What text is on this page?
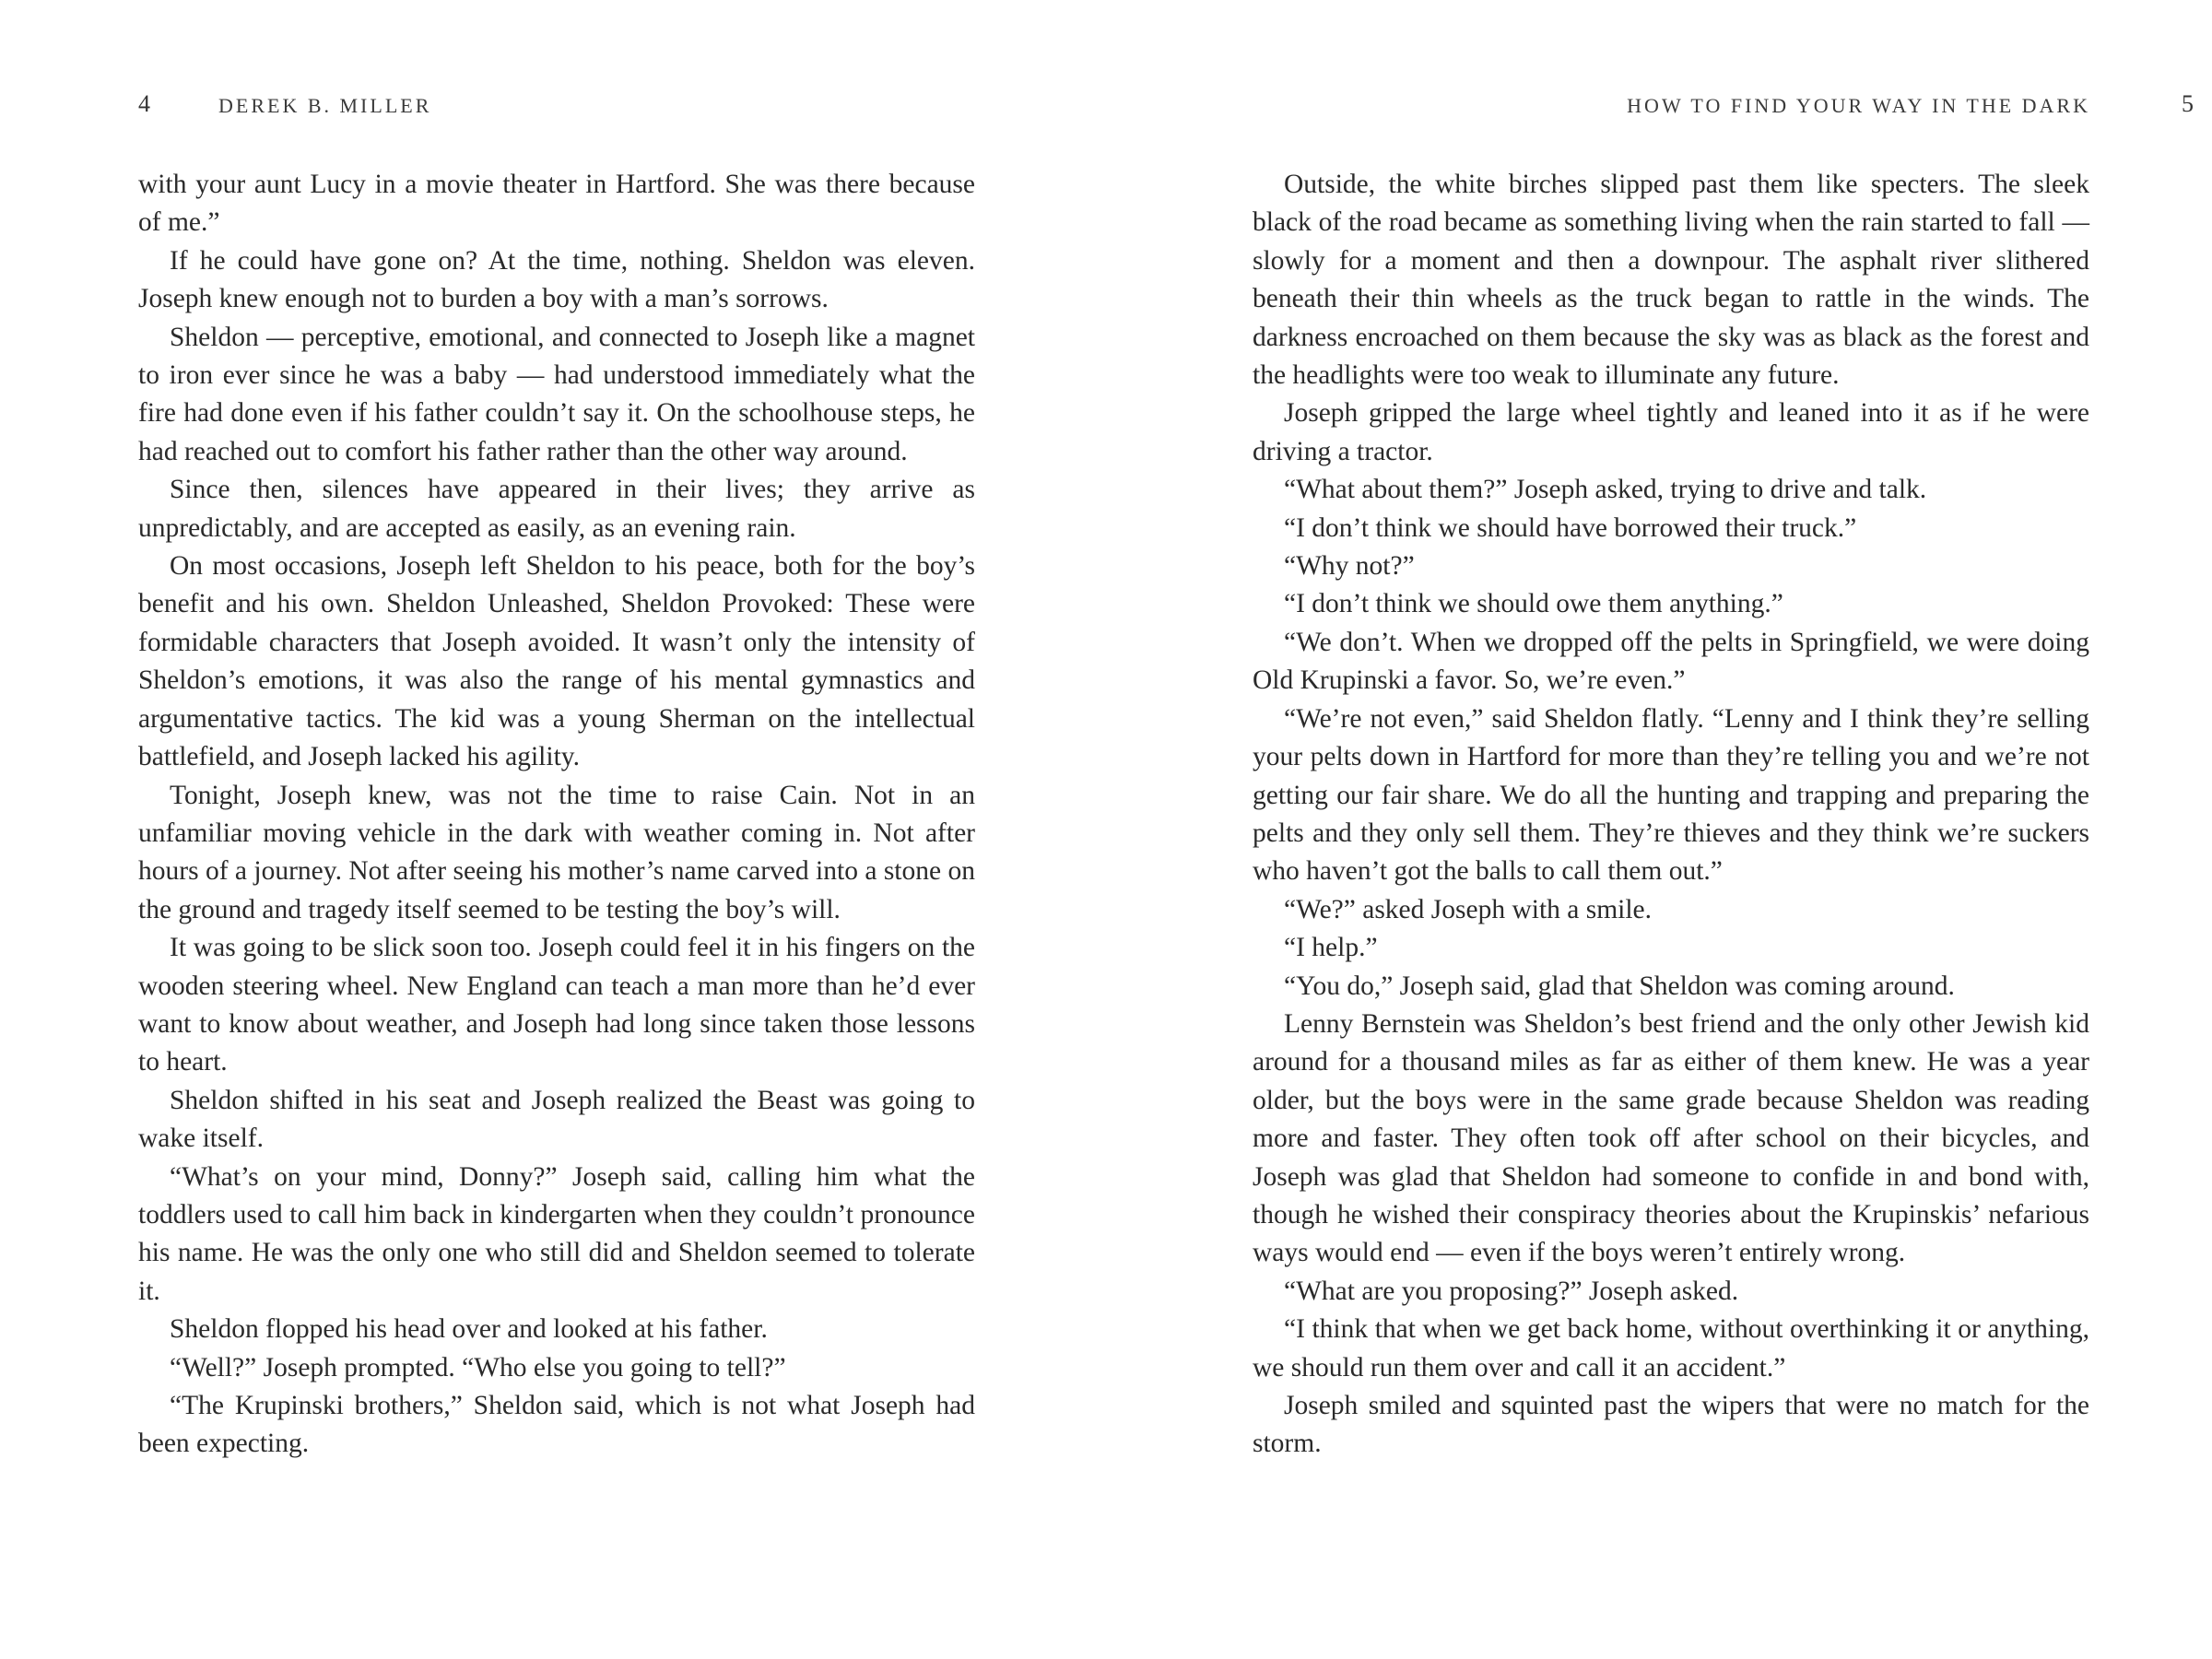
4	DEREK B. MILLER

with your aunt Lucy in a movie theater in Hartford. She was there because of me.”

If he could have gone on? At the time, nothing. Sheldon was eleven. Joseph knew enough not to burden a boy with a man’s sorrows.

Sheldon — perceptive, emotional, and connected to Joseph like a magnet to iron ever since he was a baby — had understood immediately what the fire had done even if his father couldn’t say it. On the schoolhouse steps, he had reached out to comfort his father rather than the other way around.

Since then, silences have appeared in their lives; they arrive as unpredictably, and are accepted as easily, as an evening rain.

On most occasions, Joseph left Sheldon to his peace, both for the boy’s benefit and his own. Sheldon Unleashed, Sheldon Provoked: These were formidable characters that Joseph avoided. It wasn’t only the intensity of Sheldon’s emotions, it was also the range of his mental gymnastics and argumentative tactics. The kid was a young Sherman on the intellectual battlefield, and Joseph lacked his agility.

Tonight, Joseph knew, was not the time to raise Cain. Not in an unfamiliar moving vehicle in the dark with weather coming in. Not after hours of a journey. Not after seeing his mother’s name carved into a stone on the ground and tragedy itself seemed to be testing the boy’s will.

It was going to be slick soon too. Joseph could feel it in his fingers on the wooden steering wheel. New England can teach a man more than he’d ever want to know about weather, and Joseph had long since taken those lessons to heart.

Sheldon shifted in his seat and Joseph realized the Beast was going to wake itself.

“What’s on your mind, Donny?” Joseph said, calling him what the toddlers used to call him back in kindergarten when they couldn’t pronounce his name. He was the only one who still did and Sheldon seemed to tolerate it.

Sheldon flopped his head over and looked at his father.

“Well?” Joseph prompted. “Who else you going to tell?”

“The Krupinski brothers,” Sheldon said, which is not what Joseph had been expecting.

HOW TO FIND YOUR WAY IN THE DARK	5

Outside, the white birches slipped past them like specters. The sleek black of the road became as something living when the rain started to fall — slowly for a moment and then a downpour. The asphalt river slithered beneath their thin wheels as the truck began to rattle in the winds. The darkness encroached on them because the sky was as black as the forest and the headlights were too weak to illuminate any future.

Joseph gripped the large wheel tightly and leaned into it as if he were driving a tractor.

“What about them?” Joseph asked, trying to drive and talk.

“I don’t think we should have borrowed their truck.”

“Why not?”

“I don’t think we should owe them anything.”

“We don’t. When we dropped off the pelts in Springfield, we were doing Old Krupinski a favor. So, we’re even.”

“We’re not even,” said Sheldon flatly. “Lenny and I think they’re selling your pelts down in Hartford for more than they’re telling you and we’re not getting our fair share. We do all the hunting and trapping and preparing the pelts and they only sell them. They’re thieves and they think we’re suckers who haven’t got the balls to call them out.”

“We?” asked Joseph with a smile.

“I help.”

“You do,” Joseph said, glad that Sheldon was coming around.

Lenny Bernstein was Sheldon’s best friend and the only other Jewish kid around for a thousand miles as far as either of them knew. He was a year older, but the boys were in the same grade because Sheldon was reading more and faster. They often took off after school on their bicycles, and Joseph was glad that Sheldon had someone to confide in and bond with, though he wished their conspiracy theories about the Krupinskis’ nefarious ways would end — even if the boys weren’t entirely wrong.

“What are you proposing?” Joseph asked.

“I think that when we get back home, without overthinking it or anything, we should run them over and call it an accident.”

Joseph smiled and squinted past the wipers that were no match for the storm.
